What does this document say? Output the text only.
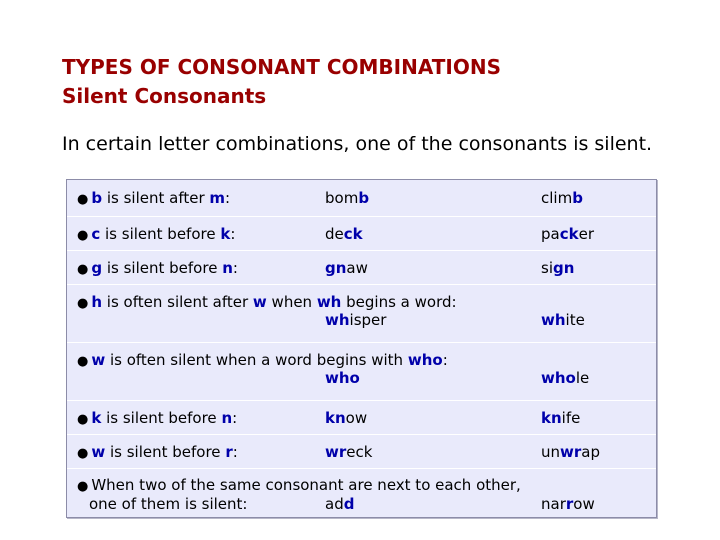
TYPES OF CONSONANT COMBINATIONS
Silent Consonants
In certain letter combinations, one of the consonants is silent.
● b is silent after m:	bomb	climb
● c is silent before k:	deck	packer
● g is silent before n:	gnaw	sign
● h is often silent after w when wh begins a word:
whisper	white
● w is often silent when a word begins with who:
who	whole
● k is silent before n:	know	knife
● w is silent before r:	wreck	unwrap
● When two of the same consonant are next to each other,
one of them is silent:	add	narrow
